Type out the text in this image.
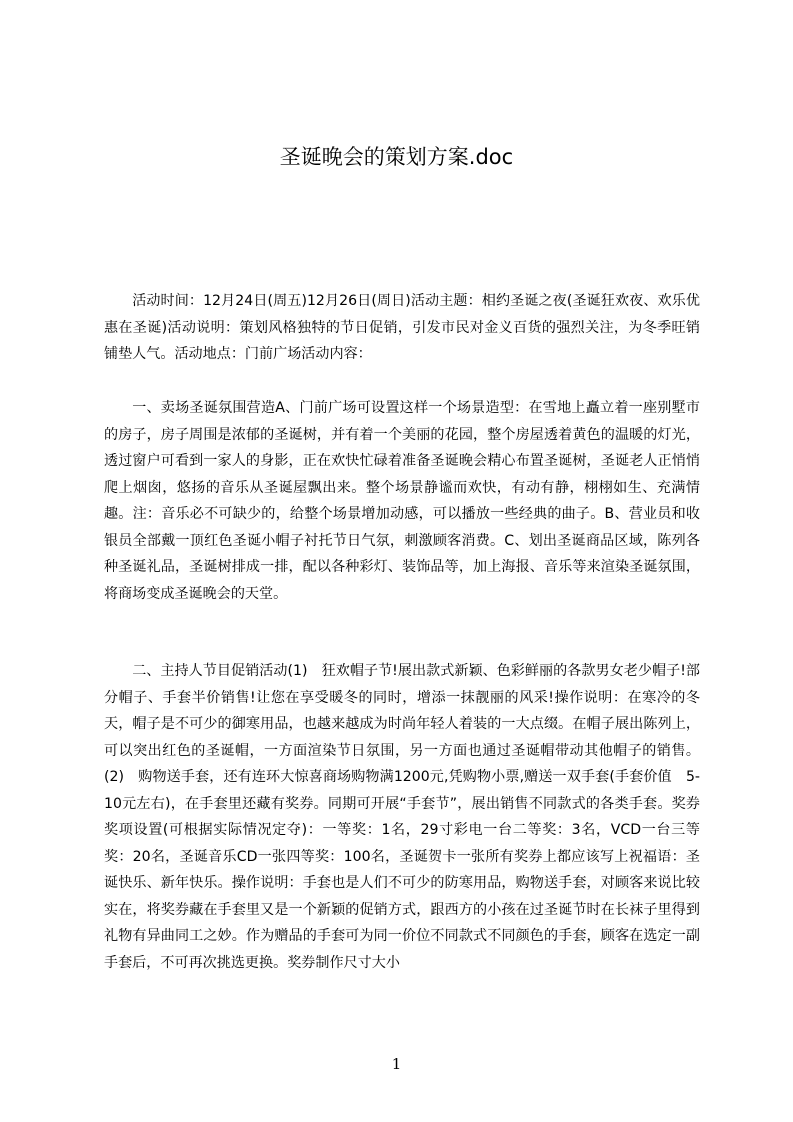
圣诞晚会的策划方案.doc

活动时间：12月24日(周五)12月26日(周日)活动主题：相约圣诞之夜(圣诞狂欢夜、欢乐优惠在圣诞)活动说明：策划风格独特的节日促销，引发市民对金义百货的强烈关注，为冬季旺销铺垫人气。活动地点：门前广场活动内容：

一、卖场圣诞氛围营造A、门前广场可设置这样一个场景造型：在雪地上矗立着一座别墅市的房子，房子周围是浓郁的圣诞树，并有着一个美丽的花园，整个房屋透着黄色的温暖的灯光，透过窗户可看到一家人的身影，正在欢快忙碌着准备圣诞晚会精心布置圣诞树，圣诞老人正悄悄爬上烟囱，悠扬的音乐从圣诞屋飘出来。整个场景静谧而欢快，有动有静，栩栩如生、充满情趣。注：音乐必不可缺少的，给整个场景增加动感，可以播放一些经典的曲子。B、营业员和收银员全部戴一顶红色圣诞小帽子衬托节日气氛，刺激顾客消费。C、划出圣诞商品区域，陈列各种圣诞礼品，圣诞树排成一排，配以各种彩灯、装饰品等，加上海报、音乐等来渲染圣诞氛围，将商场变成圣诞晚会的天堂。

二、主持人节目促销活动(1)　狂欢帽子节!展出款式新颖、色彩鲜丽的各款男女老少帽子!部分帽子、手套半价销售!让您在享受暖冬的同时，增添一抹靓丽的风采!操作说明：在寒冷的冬天，帽子是不可少的御寒用品，也越来越成为时尚年轻人着装的一大点缀。在帽子展出陈列上，可以突出红色的圣诞帽，一方面渲染节日氛围，另一方面也通过圣诞帽带动其他帽子的销售。(2)　购物送手套，还有连环大惊喜商场购物满1200元,凭购物小票,赠送一双手套(手套价值　5-10元左右)，在手套里还藏有奖券。同期可开展“手套节”，展出销售不同款式的各类手套。奖券奖项设置(可根据实际情况定夺)：一等奖：1名，29寸彩电一台二等奖：3名，VCD一台三等奖：20名，圣诞音乐CD一张四等奖：100名，圣诞贺卡一张所有奖券上都应该写上祝福语：圣诞快乐、新年快乐。操作说明：手套也是人们不可少的防寒用品，购物送手套，对顾客来说比较实在，将奖券藏在手套里又是一个新颖的促销方式，跟西方的小孩在过圣诞节时在长袜子里得到礼物有异曲同工之妙。作为赠品的手套可为同一价位不同款式不同颜色的手套，顾客在选定一副手套后，不可再次挑选更换。奖券制作尺寸大小

1
